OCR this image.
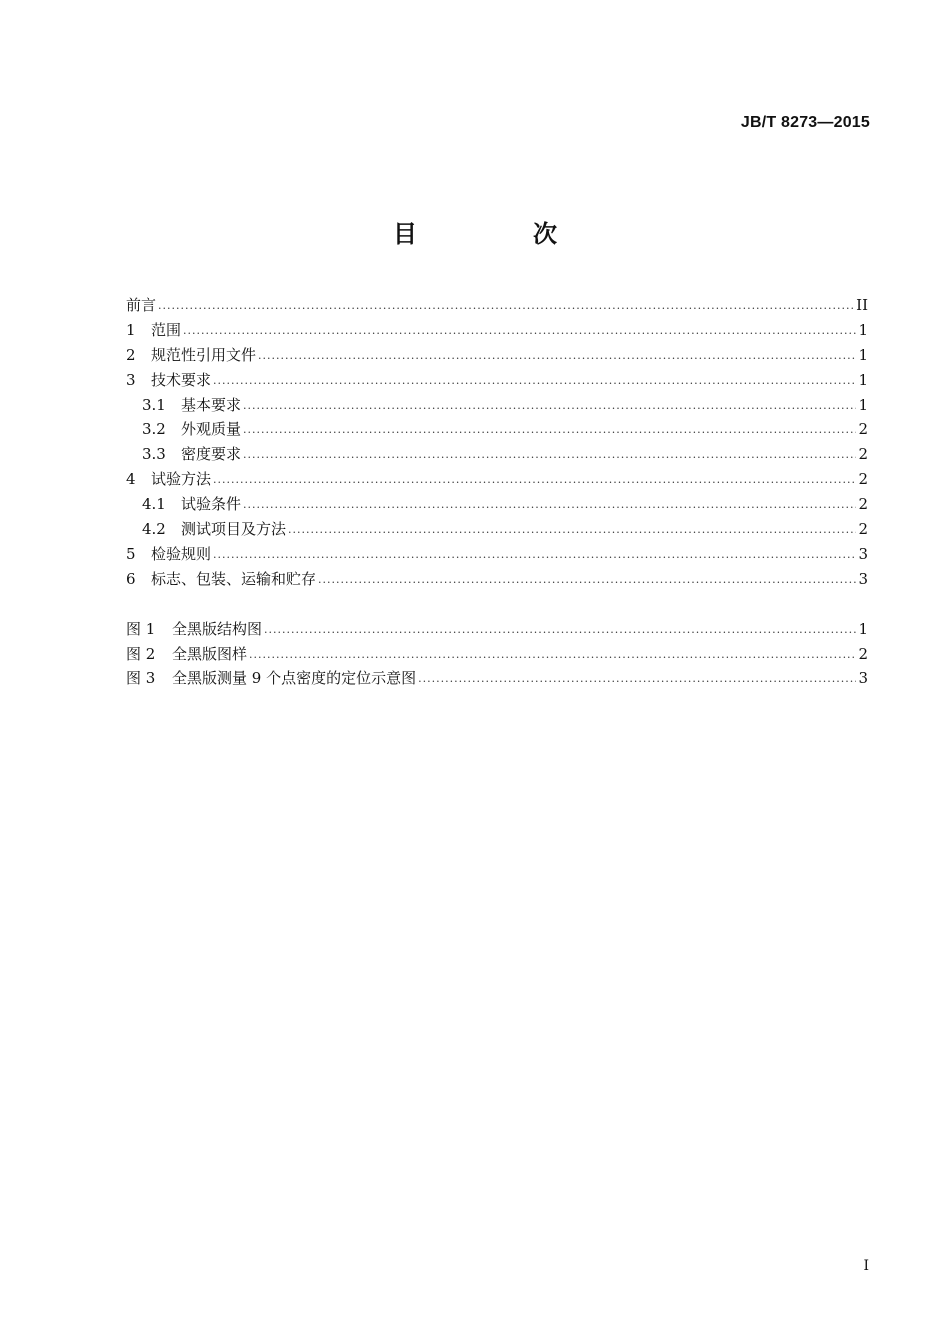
JB/T 8273—2015
目　次
前言 .....	II
1	范围 .....	1
2	规范性引用文件 .....	1
3	技术要求 .....	1
3.1	基本要求 .....	1
3.2	外观质量 .....	2
3.3	密度要求 .....	2
4	试验方法 .....	2
4.1	试验条件 .....	2
4.2	测试项目及方法 .....	2
5	检验规则 .....	3
6	标志、包装、运输和贮存 .....	3
图 1	全黑版结构图 .....	1
图 2	全黑版图样 .....	2
图 3	全黑版测量 9 个点密度的定位示意图 .....	3
I
